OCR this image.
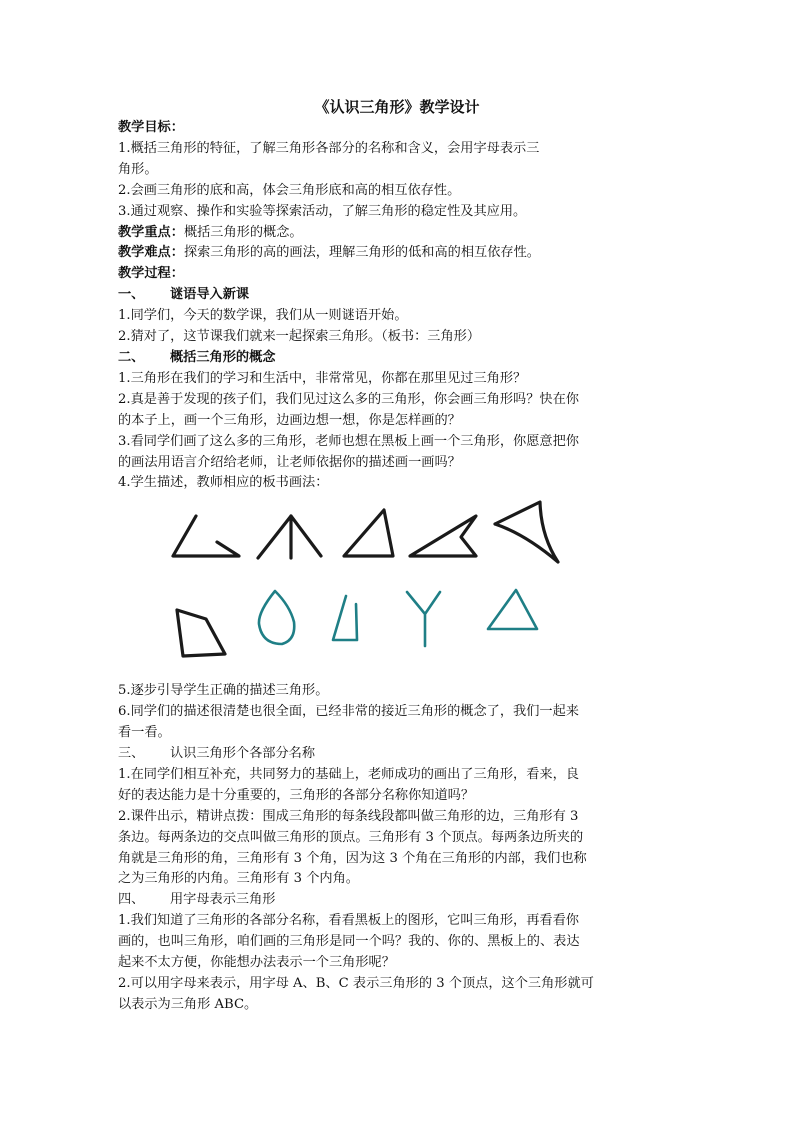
《认识三角形》教学设计
教学目标：
1.概括三角形的特征，了解三角形各部分的名称和含义，会用字母表示三
角形。
2.会画三角形的底和高，体会三角形底和高的相互依存性。
3.通过观察、操作和实验等探索活动，了解三角形的稳定性及其应用。
教学重点：概括三角形的概念。
教学难点：探索三角形的高的画法，理解三角形的低和高的相互依存性。
教学过程：
一、 谜语导入新课
1.同学们，今天的数学课，我们从一则谜语开始。
2.猜对了，这节课我们就来一起探索三角形。（板书：三角形）
二、 概括三角形的概念
1.三角形在我们的学习和生活中，非常常见，你都在那里见过三角形？
2.真是善于发现的孩子们，我们见过这么多的三角形，你会画三角形吗？快在你
的本子上，画一个三角形，边画边想一想，你是怎样画的？
3.看同学们画了这么多的三角形，老师也想在黑板上画一个三角形，你愿意把你
的画法用语言介绍给老师，让老师依据你的描述画一画吗？
4.学生描述，教师相应的板书画法：
5.逐步引导学生正确的描述三角形。
6.同学们的描述很清楚也很全面，已经非常的接近三角形的概念了，我们一起来
看一看。
三、 认识三角形个各部分名称
1.在同学们相互补充，共同努力的基础上，老师成功的画出了三角形，看来，良
好的表达能力是十分重要的，三角形的各部分名称你知道吗？
2.课件出示，精讲点拨：围成三角形的每条线段都叫做三角形的边，三角形有 3
条边。每两条边的交点叫做三角形的顶点。三角形有 3 个顶点。每两条边所夹的
角就是三角形的角，三角形有 3 个角，因为这 3 个角在三角形的内部，我们也称
之为三角形的内角。三角形有 3 个内角。
四、 用字母表示三角形
1.我们知道了三角形的各部分名称，看看黑板上的图形，它叫三角形，再看看你
画的，也叫三角形，咱们画的三角形是同一个吗？我的、你的、黑板上的、表达
起来不太方便，你能想办法表示一个三角形呢？
2.可以用字母来表示，用字母 A、B、C 表示三角形的 3 个顶点，这个三角形就可
以表示为三角形 ABC。
